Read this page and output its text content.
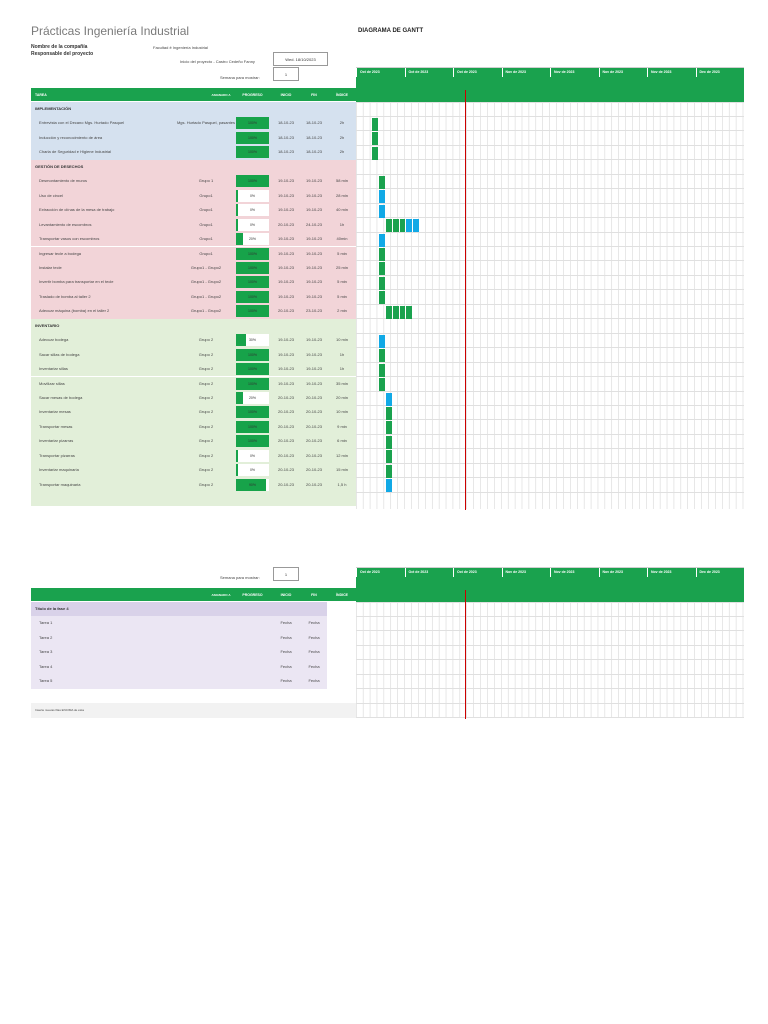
Prácticas Ingeniería Industrial	DIAGRAMA DE GANTT
Nombre de la compañía
Responsable del proyecto
Facultad ê Ingeniería Industrial
Inicio del proyecto - Castro Cedeño Fanny	Wed. 18/10/2023
Semana para mostrar:
1
TAREA	ASIGNADO A	PROGRESO	INICIO	FIN	ÍNDICE
Oct de 2023	Oct de 2023	Oct de 2023	Nov de 2023	Nov de 2023	Nov de 2023	Nov de 2023	Dec de 2023
IMPLEMENTACIÓN
Entrevista con el Decano Mgs. Hurtado Pasquel	Mgs. Hurtado Pasquel, pasantes	100%	18-10-23	18-10-23	2h
Inducción y reconocimiento de área	100%	18-10-23	18-10-23	2h
Charla de Seguridad e Higiene Industrial	100%	18-10-23	18-10-23	2h
GESTIÓN DE DESECHOS
Desmontamiento de muros	Grupo 1	100%	19-10-23	19-10-23	58 min
Uso de cincel	Grupo1	0%	19-10-23	19-10-23	28 min
Extracción de clínas de la mesa de trabajo	Grupo1	0%	19-10-23	19-10-23	40 min
Levantamiento de escombros	Grupo1	0%	20-10-23	24-10-23	1h
Transportar vasos con escombros	Grupo1	20%	19-10-23	19-10-23	40min
Ingresar tecle a bodega	Grupo1	100%	19-10-23	19-10-23	5 min
Instalar tecle	Grupo1 - Grupo2	100%	19-10-23	19-10-23	25 min
Invertir bomba para transportar en el tecle	Grupo1 - Grupo2	100%	19-10-23	19-10-23	5 min
Traslado de bomba al taller 2	Grupo1 - Grupo2	100%	19-10-23	19-10-23	5 min
Adecuar máquina (bomba) en el taller 2	Grupo1 - Grupo2	100%	20-10-23	23-10-23	2 min
INVENTARIO
Adecuar bodega	Grupo 2	30%	19-10-23	19-10-23	10 min
Sacar sillas de bodega	Grupo 2	100%	19-10-23	19-10-23	1h
Inventariar sillas	Grupo 2	100%	19-10-23	19-10-23	1h
Movilizar sillas	Grupo 2	100%	19-10-23	19-10-23	35 min
Sacar mesas de bodega	Grupo 2	20%	20-10-23	20-10-23	20 min
Inventariar mesas	Grupo 2	100%	20-10-23	20-10-23	10 min
Transportar mesas	Grupo 2	100%	20-10-23	20-10-23	9 min
Inventariar pizarras	Grupo 2	100%	20-10-23	20-10-23	6 min
Transportar pizarras	Grupo 2	0%	20-10-23	20-10-23	12 min
Inventariar maquinaria	Grupo 2	0%	20-10-23	20-10-23	15 min
Transportar maquinaria	Grupo 2	90%	20-10-23	20-10-23	1,5 h
Semana para mostrar:
1
ASIGNADO A	PROGRESO	INICIO	FIN	ÍNDICE
Oct de 2023	Oct de 2023	Oct de 2023	Nov de 2023	Nov de 2023	Nov de 2023	Nov de 2023	Dec de 2023
Título de la fase 4
Tarea 1	Fecha	Fecha
Tarea 2	Fecha	Fecha
Tarea 3	Fecha	Fecha
Tarea 4	Fecha	Fecha
Tarea 5	Fecha	Fecha
Inserte nuevas filas ENCIMA de ésta
